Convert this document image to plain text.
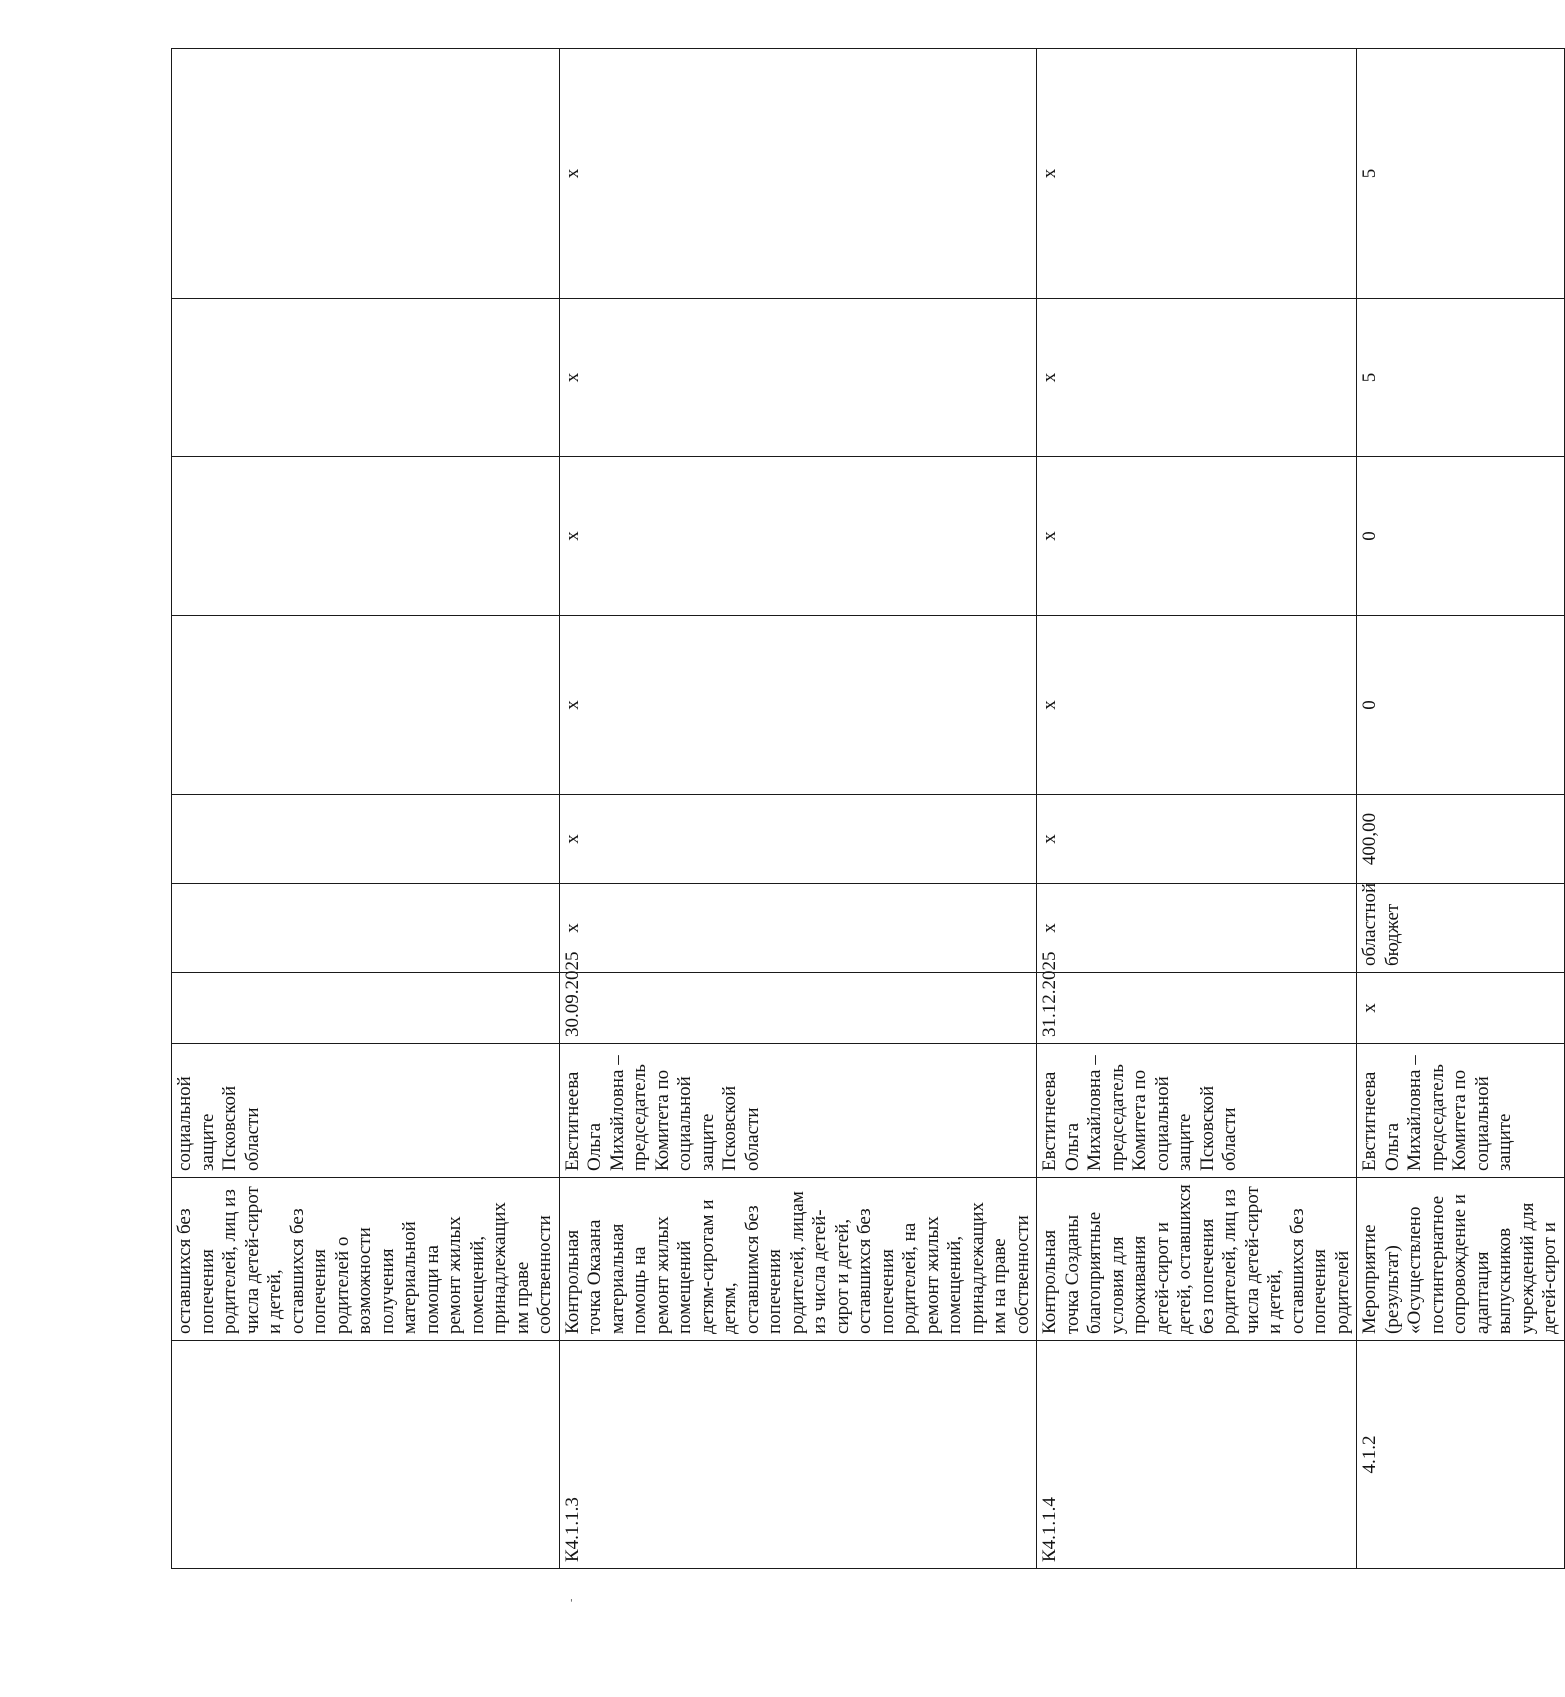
	оставшихся без попечения родителей, лиц из числа детей-сирот и детей, оставшихся без попечения родителей о возможности получения материальной помощи на ремонт жилых помещений, принадлежащих им праве собственности	социальной защите Псковской области							
К4.1.1.3	Контрольная точка Оказана материальная помощь на ремонт жилых помещений детям-сиротам и детям, оставшимся без попечения родителей, лицам из числа детей-сирот и детей, оставшихся без попечения родителей, на ремонт жилых помещений, принадлежащих им на праве собственности	Евстигнеева Ольга Михайловна – председатель Комитета по социальной защите Псковской области	30.09.2025	х	х	х	х	х	х
К4.1.1.4	Контрольная точка Созданы благоприятные условия для проживания детей-сирот и детей, оставшихся без попечения родителей, лиц из числа детей-сирот и детей, оставшихся без попечения родителей	Евстигнеева Ольга Михайловна – председатель Комитета по социальной защите Псковской области	31.12.2025	х	х	х	х	х	х
4.1.2	Мероприятие (результат) «Осуществлено постинтернатное сопровождение и адаптация выпускников учреждений для детей-сирот и	Евстигнеева Ольга Михайловна – председатель Комитета по социальной защите	х	областной бюджет	400,00	0	0	5	5
'
